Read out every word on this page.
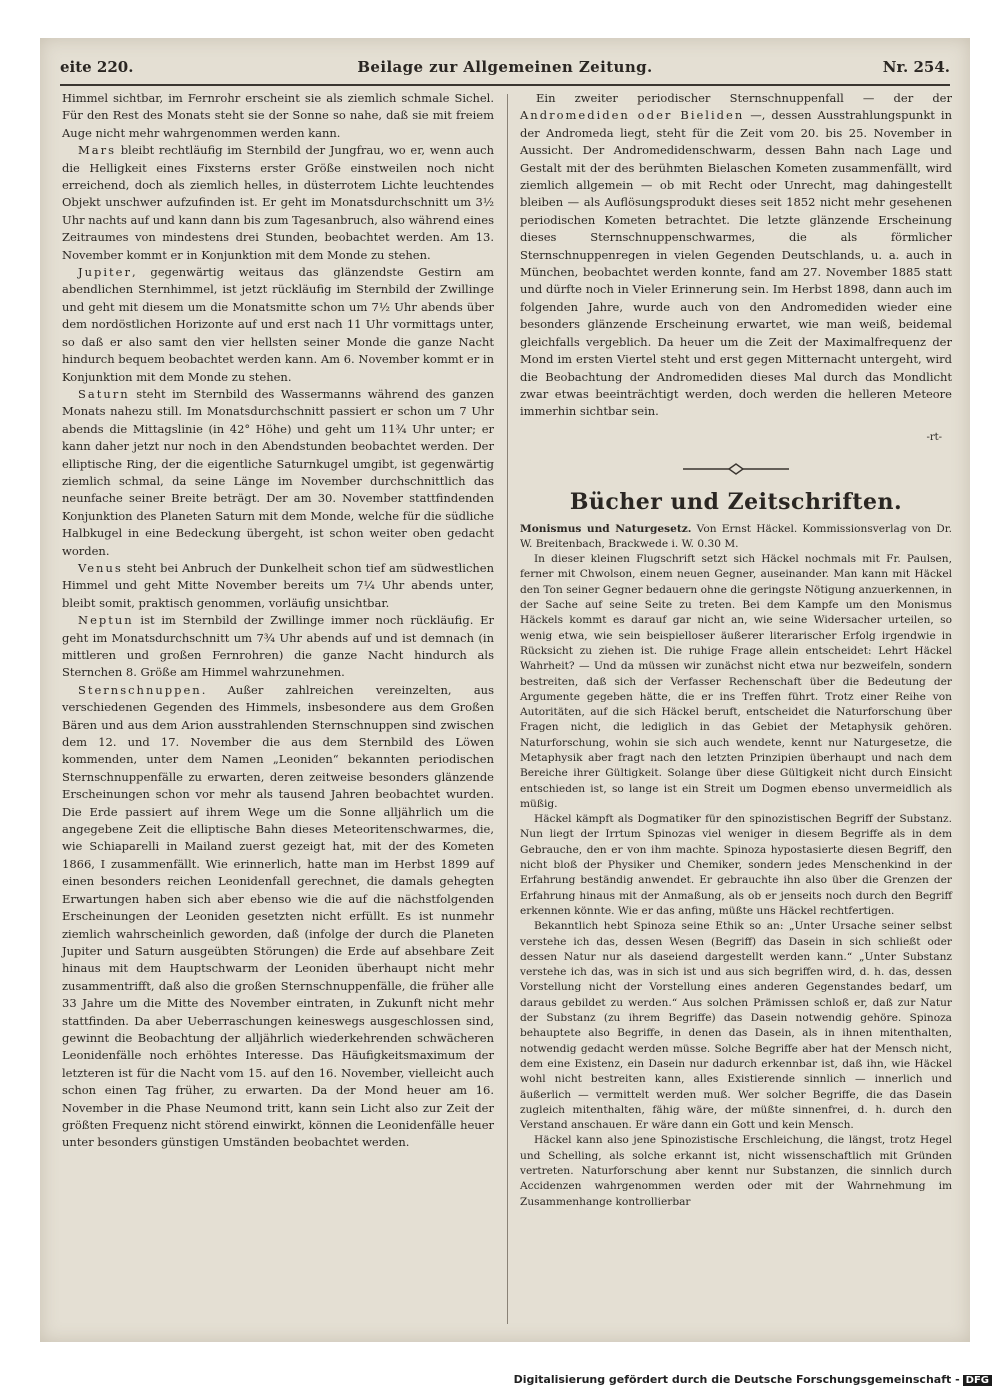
eite 220.	Beilage zur Allgemeinen Zeitung.	Nr. 254.

Himmel sichtbar, im Fernrohr erscheint sie als ziemlich schmale Sichel. Für den Rest des Monats steht sie der Sonne so nahe, daß sie mit freiem Auge nicht mehr wahrgenommen werden kann.

Mars bleibt rechtläufig im Sternbild der Jungfrau, wo er, wenn auch die Helligkeit eines Fixsterns erster Größe einstweilen noch nicht erreichend, doch als ziemlich helles, in düsterrotem Lichte leuchtendes Objekt unschwer aufzufinden ist. Er geht im Monatsdurchschnitt um 3½ Uhr nachts auf und kann dann bis zum Tagesanbruch, also während eines Zeitraumes von mindestens drei Stunden, beobachtet werden. Am 13. November kommt er in Konjunktion mit dem Monde zu stehen.

Jupiter, gegenwärtig weitaus das glänzendste Gestirn am abendlichen Sternhimmel, ist jetzt rückläufig im Sternbild der Zwillinge und geht mit diesem um die Monatsmitte schon um 7½ Uhr abends über dem nordöstlichen Horizonte auf und erst nach 11 Uhr vormittags unter, so daß er also samt den vier hellsten seiner Monde die ganze Nacht hindurch bequem beobachtet werden kann. Am 6. November kommt er in Konjunktion mit dem Monde zu stehen.

Saturn steht im Sternbild des Wassermanns während des ganzen Monats nahezu still. Im Monatsdurchschnitt passiert er schon um 7 Uhr abends die Mittagslinie (in 42° Höhe) und geht um 11¾ Uhr unter; er kann daher jetzt nur noch in den Abendstunden beobachtet werden. Der elliptische Ring, der die eigentliche Saturnkugel umgibt, ist gegenwärtig ziemlich schmal, da seine Länge im November durchschnittlich das neunfache seiner Breite beträgt. Der am 30. November stattfindenden Konjunktion des Planeten Saturn mit dem Monde, welche für die südliche Halbkugel in eine Bedeckung übergeht, ist schon weiter oben gedacht worden.

Venus steht bei Anbruch der Dunkelheit schon tief am südwestlichen Himmel und geht Mitte November bereits um 7¼ Uhr abends unter, bleibt somit, praktisch genommen, vorläufig unsichtbar.

Neptun ist im Sternbild der Zwillinge immer noch rückläufig. Er geht im Monatsdurchschnitt um 7¾ Uhr abends auf und ist demnach (in mittleren und großen Fernrohren) die ganze Nacht hindurch als Sternchen 8. Größe am Himmel wahrzunehmen.

Sternschnuppen. Außer zahlreichen vereinzelten, aus verschiedenen Gegenden des Himmels, insbesondere aus dem Großen Bären und aus dem Arion ausstrahlenden Sternschnuppen sind zwischen dem 12. und 17. November die aus dem Sternbild des Löwen kommenden, unter dem Namen „Leoniden“ bekannten periodischen Sternschnuppenfälle zu erwarten, deren zeitweise besonders glänzende Erscheinungen schon vor mehr als tausend Jahren beobachtet wurden. Die Erde passiert auf ihrem Wege um die Sonne alljährlich um die angegebene Zeit die elliptische Bahn dieses Meteoritenschwarmes, die, wie Schiaparelli in Mailand zuerst gezeigt hat, mit der des Kometen 1866, I zusammenfällt. Wie erinnerlich, hatte man im Herbst 1899 auf einen besonders reichen Leonidenfall gerechnet, die damals gehegten Erwartungen haben sich aber ebenso wie die auf die nächstfolgenden Erscheinungen der Leoniden gesetzten nicht erfüllt. Es ist nunmehr ziemlich wahrscheinlich geworden, daß (infolge der durch die Planeten Jupiter und Saturn ausgeübten Störungen) die Erde auf absehbare Zeit hinaus mit dem Hauptschwarm der Leoniden überhaupt nicht mehr zusammentrifft, daß also die großen Sternschnuppenfälle, die früher alle 33 Jahre um die Mitte des November eintraten, in Zukunft nicht mehr stattfinden. Da aber Ueberraschungen keineswegs ausgeschlossen sind, gewinnt die Beobachtung der alljährlich wiederkehrenden schwächeren Leonidenfälle noch erhöhtes Interesse. Das Häufigkeitsmaximum der letzteren ist für die Nacht vom 15. auf den 16. November, vielleicht auch schon einen Tag früher, zu erwarten. Da der Mond heuer am 16. November in die Phase Neumond tritt, kann sein Licht also zur Zeit der größten Frequenz nicht störend einwirkt, können die Leonidenfälle heuer unter besonders günstigen Umständen beobachtet werden.

Ein zweiter periodischer Sternschnuppenfall — der der Andromediden oder Bieliden —, dessen Ausstrahlungspunkt in der Andromeda liegt, steht für die Zeit vom 20. bis 25. November in Aussicht. Der Andromedidenschwarm, dessen Bahn nach Lage und Gestalt mit der des berühmten Bielaschen Kometen zusammenfällt, wird ziemlich allgemein — ob mit Recht oder Unrecht, mag dahingestellt bleiben — als Auflösungsprodukt dieses seit 1852 nicht mehr gesehenen periodischen Kometen betrachtet. Die letzte glänzende Erscheinung dieses Sternschnuppenschwarmes, die als förmlicher Sternschnuppenregen in vielen Gegenden Deutschlands, u. a. auch in München, beobachtet werden konnte, fand am 27. November 1885 statt und dürfte noch in Vieler Erinnerung sein. Im Herbst 1898, dann auch im folgenden Jahre, wurde auch von den Andromediden wieder eine besonders glänzende Erscheinung erwartet, wie man weiß, beidemal gleichfalls vergeblich. Da heuer um die Zeit der Maximalfrequenz der Mond im ersten Viertel steht und erst gegen Mitternacht untergeht, wird die Beobachtung der Andromediden dieses Mal durch das Mondlicht zwar etwas beeinträchtigt werden, doch werden die helleren Meteore immerhin sichtbar sein.

-rt-
Bücher und Zeitschriften.

Monismus und Naturgesetz. Von Ernst Häckel. Kommissionsverlag von Dr. W. Breitenbach, Brackwede i. W. 0.30 M.

In dieser kleinen Flugschrift setzt sich Häckel nochmals mit Fr. Paulsen, ferner mit Chwolson, einem neuen Gegner, auseinander. Man kann mit Häckel den Ton seiner Gegner bedauern ohne die geringste Nötigung anzuerkennen, in der Sache auf seine Seite zu treten. Bei dem Kampfe um den Monismus Häckels kommt es darauf gar nicht an, wie seine Widersacher urteilen, so wenig etwa, wie sein beispielloser äußerer literarischer Erfolg irgendwie in Rücksicht zu ziehen ist. Die ruhige Frage allein entscheidet: Lehrt Häckel Wahrheit? — Und da müssen wir zunächst nicht etwa nur bezweifeln, sondern bestreiten, daß sich der Verfasser Rechenschaft über die Bedeutung der Argumente gegeben hätte, die er ins Treffen führt. Trotz einer Reihe von Autoritäten, auf die sich Häckel beruft, entscheidet die Naturforschung über Fragen nicht, die lediglich in das Gebiet der Metaphysik gehören. Naturforschung, wohin sie sich auch wendete, kennt nur Naturgesetze, die Metaphysik aber fragt nach den letzten Prinzipien überhaupt und nach dem Bereiche ihrer Gültigkeit. Solange über diese Gültigkeit nicht durch Einsicht entschieden ist, so lange ist ein Streit um Dogmen ebenso unvermeidlich als müßig.

Häckel kämpft als Dogmatiker für den spinozistischen Begriff der Substanz. Nun liegt der Irrtum Spinozas viel weniger in diesem Begriffe als in dem Gebrauche, den er von ihm machte. Spinoza hypostasierte diesen Begriff, den nicht bloß der Physiker und Chemiker, sondern jedes Menschenkind in der Erfahrung beständig anwendet. Er gebrauchte ihn also über die Grenzen der Erfahrung hinaus mit der Anmaßung, als ob er jenseits noch durch den Begriff erkennen könnte. Wie er das anfing, müßte uns Häckel rechtfertigen.

Bekanntlich hebt Spinoza seine Ethik so an: „Unter Ursache seiner selbst verstehe ich das, dessen Wesen (Begriff) das Dasein in sich schließt oder dessen Natur nur als daseiend dargestellt werden kann.“ „Unter Substanz verstehe ich das, was in sich ist und aus sich begriffen wird, d. h. das, dessen Vorstellung nicht der Vorstellung eines anderen Gegenstandes bedarf, um daraus gebildet zu werden.“ Aus solchen Prämissen schloß er, daß zur Natur der Substanz (zu ihrem Begriffe) das Dasein notwendig gehöre. Spinoza behauptete also Begriffe, in denen das Dasein, als in ihnen mitenthalten, notwendig gedacht werden müsse. Solche Begriffe aber hat der Mensch nicht, dem eine Existenz, ein Dasein nur dadurch erkennbar ist, daß ihn, wie Häckel wohl nicht bestreiten kann, alles Existierende sinnlich — innerlich und äußerlich — vermittelt werden muß. Wer solcher Begriffe, die das Dasein zugleich mitenthalten, fähig wäre, der müßte sinnenfrei, d. h. durch den Verstand anschauen. Er wäre dann ein Gott und kein Mensch.

Häckel kann also jene Spinozistische Erschleichung, die längst, trotz Hegel und Schelling, als solche erkannt ist, nicht wissenschaftlich mit Gründen vertreten. Naturforschung aber kennt nur Substanzen, die sinnlich durch Accidenzen wahrgenommen werden oder mit der Wahrnehmung im Zusammenhange kontrollierbar

Digitalisierung gefördert durch die Deutsche Forschungsgemeinschaft - DFG
